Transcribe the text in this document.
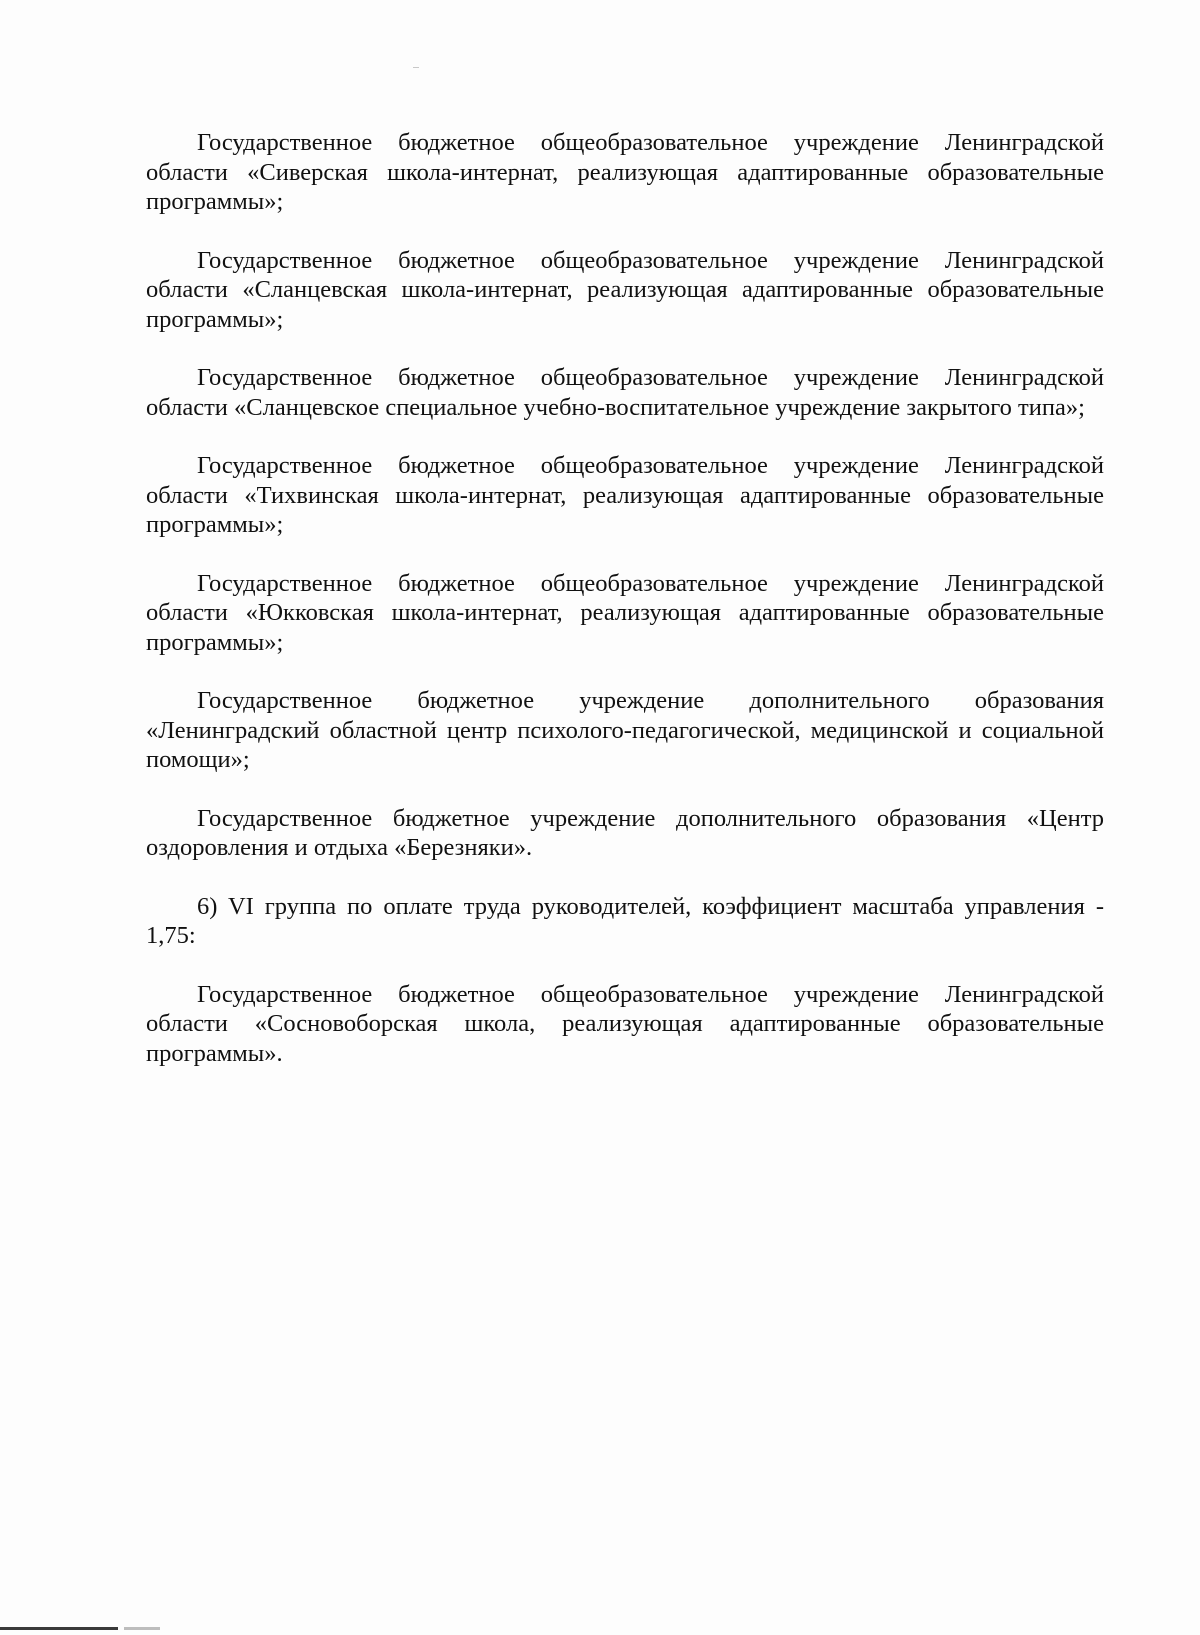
Государственное бюджетное общеобразовательное учреждение Ленинградской области «Сиверская школа-интернат, реализующая адаптированные образовательные программы»;

Государственное бюджетное общеобразовательное учреждение Ленинградской области «Сланцевская школа-интернат, реализующая адаптированные образовательные программы»;

Государственное бюджетное общеобразовательное учреждение Ленинградской области «Сланцевское специальное учебно-воспитательное учреждение закрытого типа»;

Государственное бюджетное общеобразовательное учреждение Ленинградской области «Тихвинская школа-интернат, реализующая адаптированные образовательные программы»;

Государственное бюджетное общеобразовательное учреждение Ленинградской области «Юкковская школа-интернат, реализующая адаптированные образовательные программы»;

Государственное бюджетное учреждение дополнительного образования «Ленинградский областной центр психолого-педагогической, медицинской и социальной помощи»;

Государственное бюджетное учреждение дополнительного образования «Центр оздоровления и отдыха «Березняки».

6) VI группа по оплате труда руководителей, коэффициент масштаба управления - 1,75:

Государственное бюджетное общеобразовательное учреждение Ленинградской области «Сосновоборская школа, реализующая адаптированные образовательные программы».
